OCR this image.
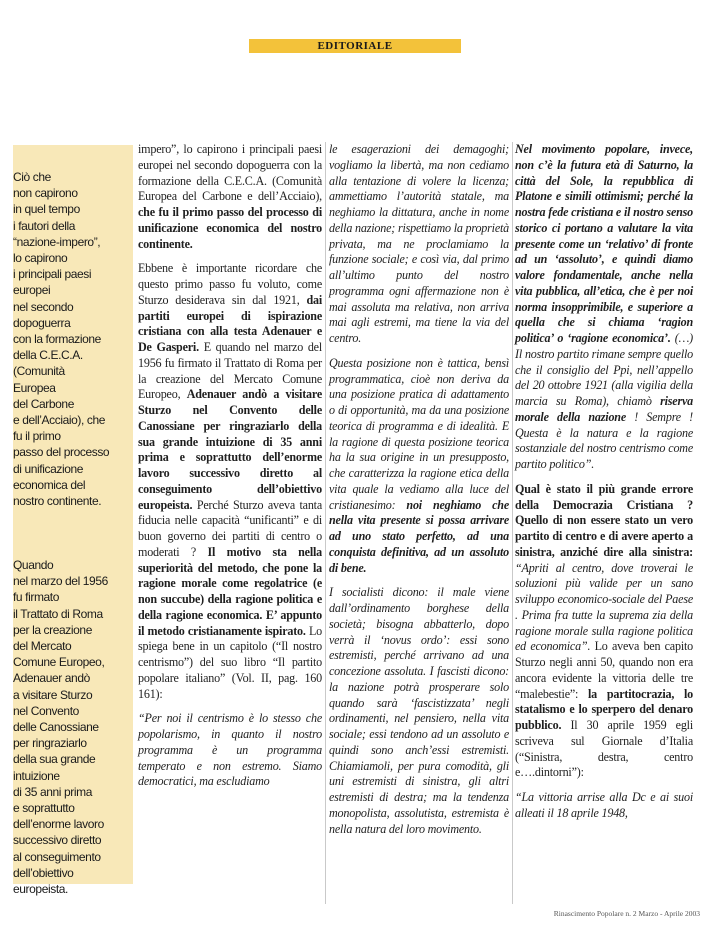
EDITORIALE
Ciò che
non capirono
in quel tempo
i fautori della
“nazione-impero”,
lo capirono
i principali paesi
europei
nel secondo
dopoguerra
con la formazione
della C.E.C.A.
(Comunità
Europea
del Carbone
e dell’Acciaio), che
fu il primo
passo del processo
di unificazione
economica del
nostro continente.
Quando
nel marzo del 1956
fu firmato
il Trattato di Roma
per la creazione
del Mercato
Comune Europeo,
Adenauer andò
a visitare Sturzo
nel Convento
delle Canossiane
per ringraziarlo
della sua grande
intuizione
di 35 anni prima
e soprattutto
dell’enorme lavoro
successivo diretto
al conseguimento
dell’obiettivo
europeista.

impero”, lo capirono i principali paesi europei nel secondo dopoguerra con la formazione della C.E.C.A. (Comunità Europea del Carbone e dell’Acciaio), che fu il primo passo del processo di unificazione economica del nostro continente.

Ebbene è importante ricordare che questo primo passo fu voluto, come Sturzo desiderava sin dal 1921, dai partiti europei di ispirazione cristiana con alla testa Adenauer e De Gasperi. E quando nel marzo del 1956 fu firmato il Trattato di Roma per la creazione del Mercato Comune Europeo, Adenauer andò a visitare Sturzo nel Convento delle Canossiane per ringraziarlo della sua grande intuizione di 35 anni prima e soprattutto dell’enorme lavoro successivo diretto al conseguimento dell’obiettivo europeista. Perché Sturzo aveva tanta fiducia nelle capacità “unificanti” e di buon governo dei partiti di centro o moderati ? Il motivo sta nella superiorità del metodo, che pone la ragione morale come regolatrice (e non succube) della ragione politica e della ragione economica. E’ appunto il metodo cristianamente ispirato. Lo spiega bene in un capitolo (“Il nostro centrismo”) del suo libro “Il partito popolare italiano” (Vol. II, pag. 160 161):

“Per noi il centrismo è lo stesso che popolarismo, in quanto il nostro programma è un programma temperato e non estremo. Siamo democratici, ma escludiamo

le esagerazioni dei demagoghi; vogliamo la libertà, ma non cediamo alla tentazione di volere la licenza; ammettiamo l’autorità statale, ma neghiamo la dittatura, anche in nome della nazione; rispettiamo la proprietà privata, ma ne proclamiamo la funzione sociale; e così via, dal primo all’ultimo punto del nostro programma ogni affermazione non è mai assoluta ma relativa, non arriva mai agli estremi, ma tiene la via del centro.

Questa posizione non è tattica, bensì programmatica, cioè non deriva da una posizione pratica di adattamento o di opportunità, ma da una posizione teorica di programma e di idealità. E la ragione di questa posizione teorica ha la sua origine in un presupposto, che caratterizza la ragione etica della vita quale la vediamo alla luce del cristianesimo: noi neghiamo che nella vita presente si possa arrivare ad uno stato perfetto, ad una conquista definitiva, ad un assoluto di bene.

I socialisti dicono: il male viene dall’ordinamento borghese della società; bisogna abbatterlo, dopo verrà il ‘novus ordo’: essi sono estremisti, perché arrivano ad una concezione assoluta. I fascisti dicono: la nazione potrà prosperare solo quando sarà ‘fascistizzata’ negli ordinamenti, nel pensiero, nella vita sociale; essi tendono ad un assoluto e quindi sono anch’essi estremisti. Chiamiamoli, per pura comodità, gli uni estremisti di sinistra, gli altri estremisti di destra; ma la tendenza monopolista, assolutista, estremista è nella natura del loro movimento.

Nel movimento popolare, invece, non c’è la futura età di Saturno, la città del Sole, la repubblica di Platone e simili ottimismi; perché la nostra fede cristiana e il nostro senso storico ci portano a valutare la vita presente come un ‘relativo’ di fronte ad un ‘assoluto’, e quindi diamo valore fondamentale, anche nella vita pubblica, all’etica, che è per noi norma insopprimibile, e superiore a quella che si chiama ‘ragion politica’ o ‘ragione economica’. (…) Il nostro partito rimane sempre quello che il consiglio del Ppi, nell’appello del 20 ottobre 1921 (alla vigilia della marcia su Roma), chiamò riserva morale della nazione ! Sempre ! Questa è la natura e la ragione sostanziale del nostro centrismo come partito politico”.

Qual è stato il più grande errore della Democrazia Cristiana ? Quello di non essere stato un vero partito di centro e di avere aperto a sinistra, anziché dire alla sinistra: “Apriti al centro, dove troverai le soluzioni più valide per un sano sviluppo economico-sociale del Paese . Prima fra tutte la suprema zia della ragione morale sulla ragione politica ed economica”. Lo aveva ben capito Sturzo negli anni 50, quando non era ancora evidente la vittoria delle tre “malebestie”: la partitocrazia, lo statalismo e lo sperpero del denaro pubblico. Il 30 aprile 1959 egli scriveva sul Giornale d’Italia (“Sinistra, destra, centro e….dintorni”):

“La vittoria arrise alla Dc e ai suoi alleati il 18 aprile 1948,

Rinascimento Popolare n. 2 Marzo - Aprile 2003
